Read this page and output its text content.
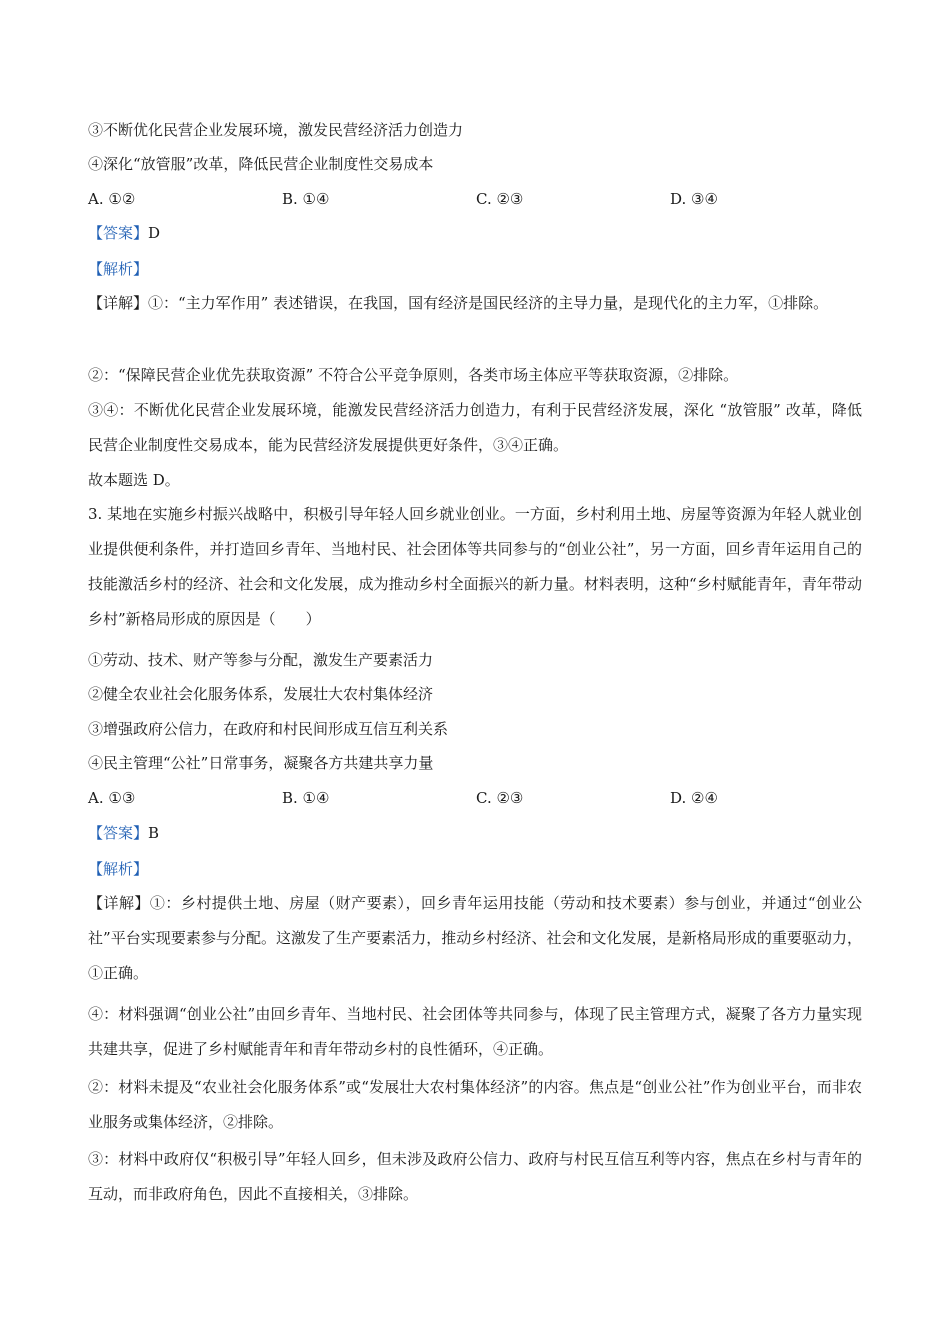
③不断优化民营企业发展环境，激发民营经济活力创造力
④深化“放管服”改革，降低民营企业制度性交易成本
A. ①②	B. ①④	C. ②③	D. ③④
【答案】D
【解析】
【详解】①：“主力军作用” 表述错误，在我国，国有经济是国民经济的主导力量，是现代化的主力军，①排除。
②：“保障民营企业优先获取资源” 不符合公平竞争原则，各类市场主体应平等获取资源，②排除。
③④：不断优化民营企业发展环境，能激发民营经济活力创造力，有利于民营经济发展，深化 “放管服” 改革，降低民营企业制度性交易成本，能为民营经济发展提供更好条件，③④正确。
故本题选 D。
3. 某地在实施乡村振兴战略中，积极引导年轻人回乡就业创业。一方面，乡村利用土地、房屋等资源为年轻人就业创业提供便利条件，并打造回乡青年、当地村民、社会团体等共同参与的“创业公社”，另一方面，回乡青年运用自己的技能激活乡村的经济、社会和文化发展，成为推动乡村全面振兴的新力量。材料表明，这种“乡村赋能青年，青年带动乡村”新格局形成的原因是（　　）
①劳动、技术、财产等参与分配，激发生产要素活力
②健全农业社会化服务体系，发展壮大农村集体经济
③增强政府公信力，在政府和村民间形成互信互利关系
④民主管理“公社”日常事务，凝聚各方共建共享力量
A. ①③	B. ①④	C. ②③	D. ②④
【答案】B
【解析】
【详解】①：乡村提供土地、房屋（财产要素），回乡青年运用技能（劳动和技术要素）参与创业，并通过“创业公社”平台实现要素参与分配。这激发了生产要素活力，推动乡村经济、社会和文化发展，是新格局形成的重要驱动力，①正确。
④：材料强调“创业公社”由回乡青年、当地村民、社会团体等共同参与，体现了民主管理方式，凝聚了各方力量实现共建共享，促进了乡村赋能青年和青年带动乡村的良性循环，④正确。
②：材料未提及“农业社会化服务体系”或“发展壮大农村集体经济”的内容。焦点是“创业公社”作为创业平台，而非农业服务或集体经济，②排除。
③：材料中政府仅“积极引导”年轻人回乡，但未涉及政府公信力、政府与村民互信互利等内容，焦点在乡村与青年的互动，而非政府角色，因此不直接相关，③排除。
